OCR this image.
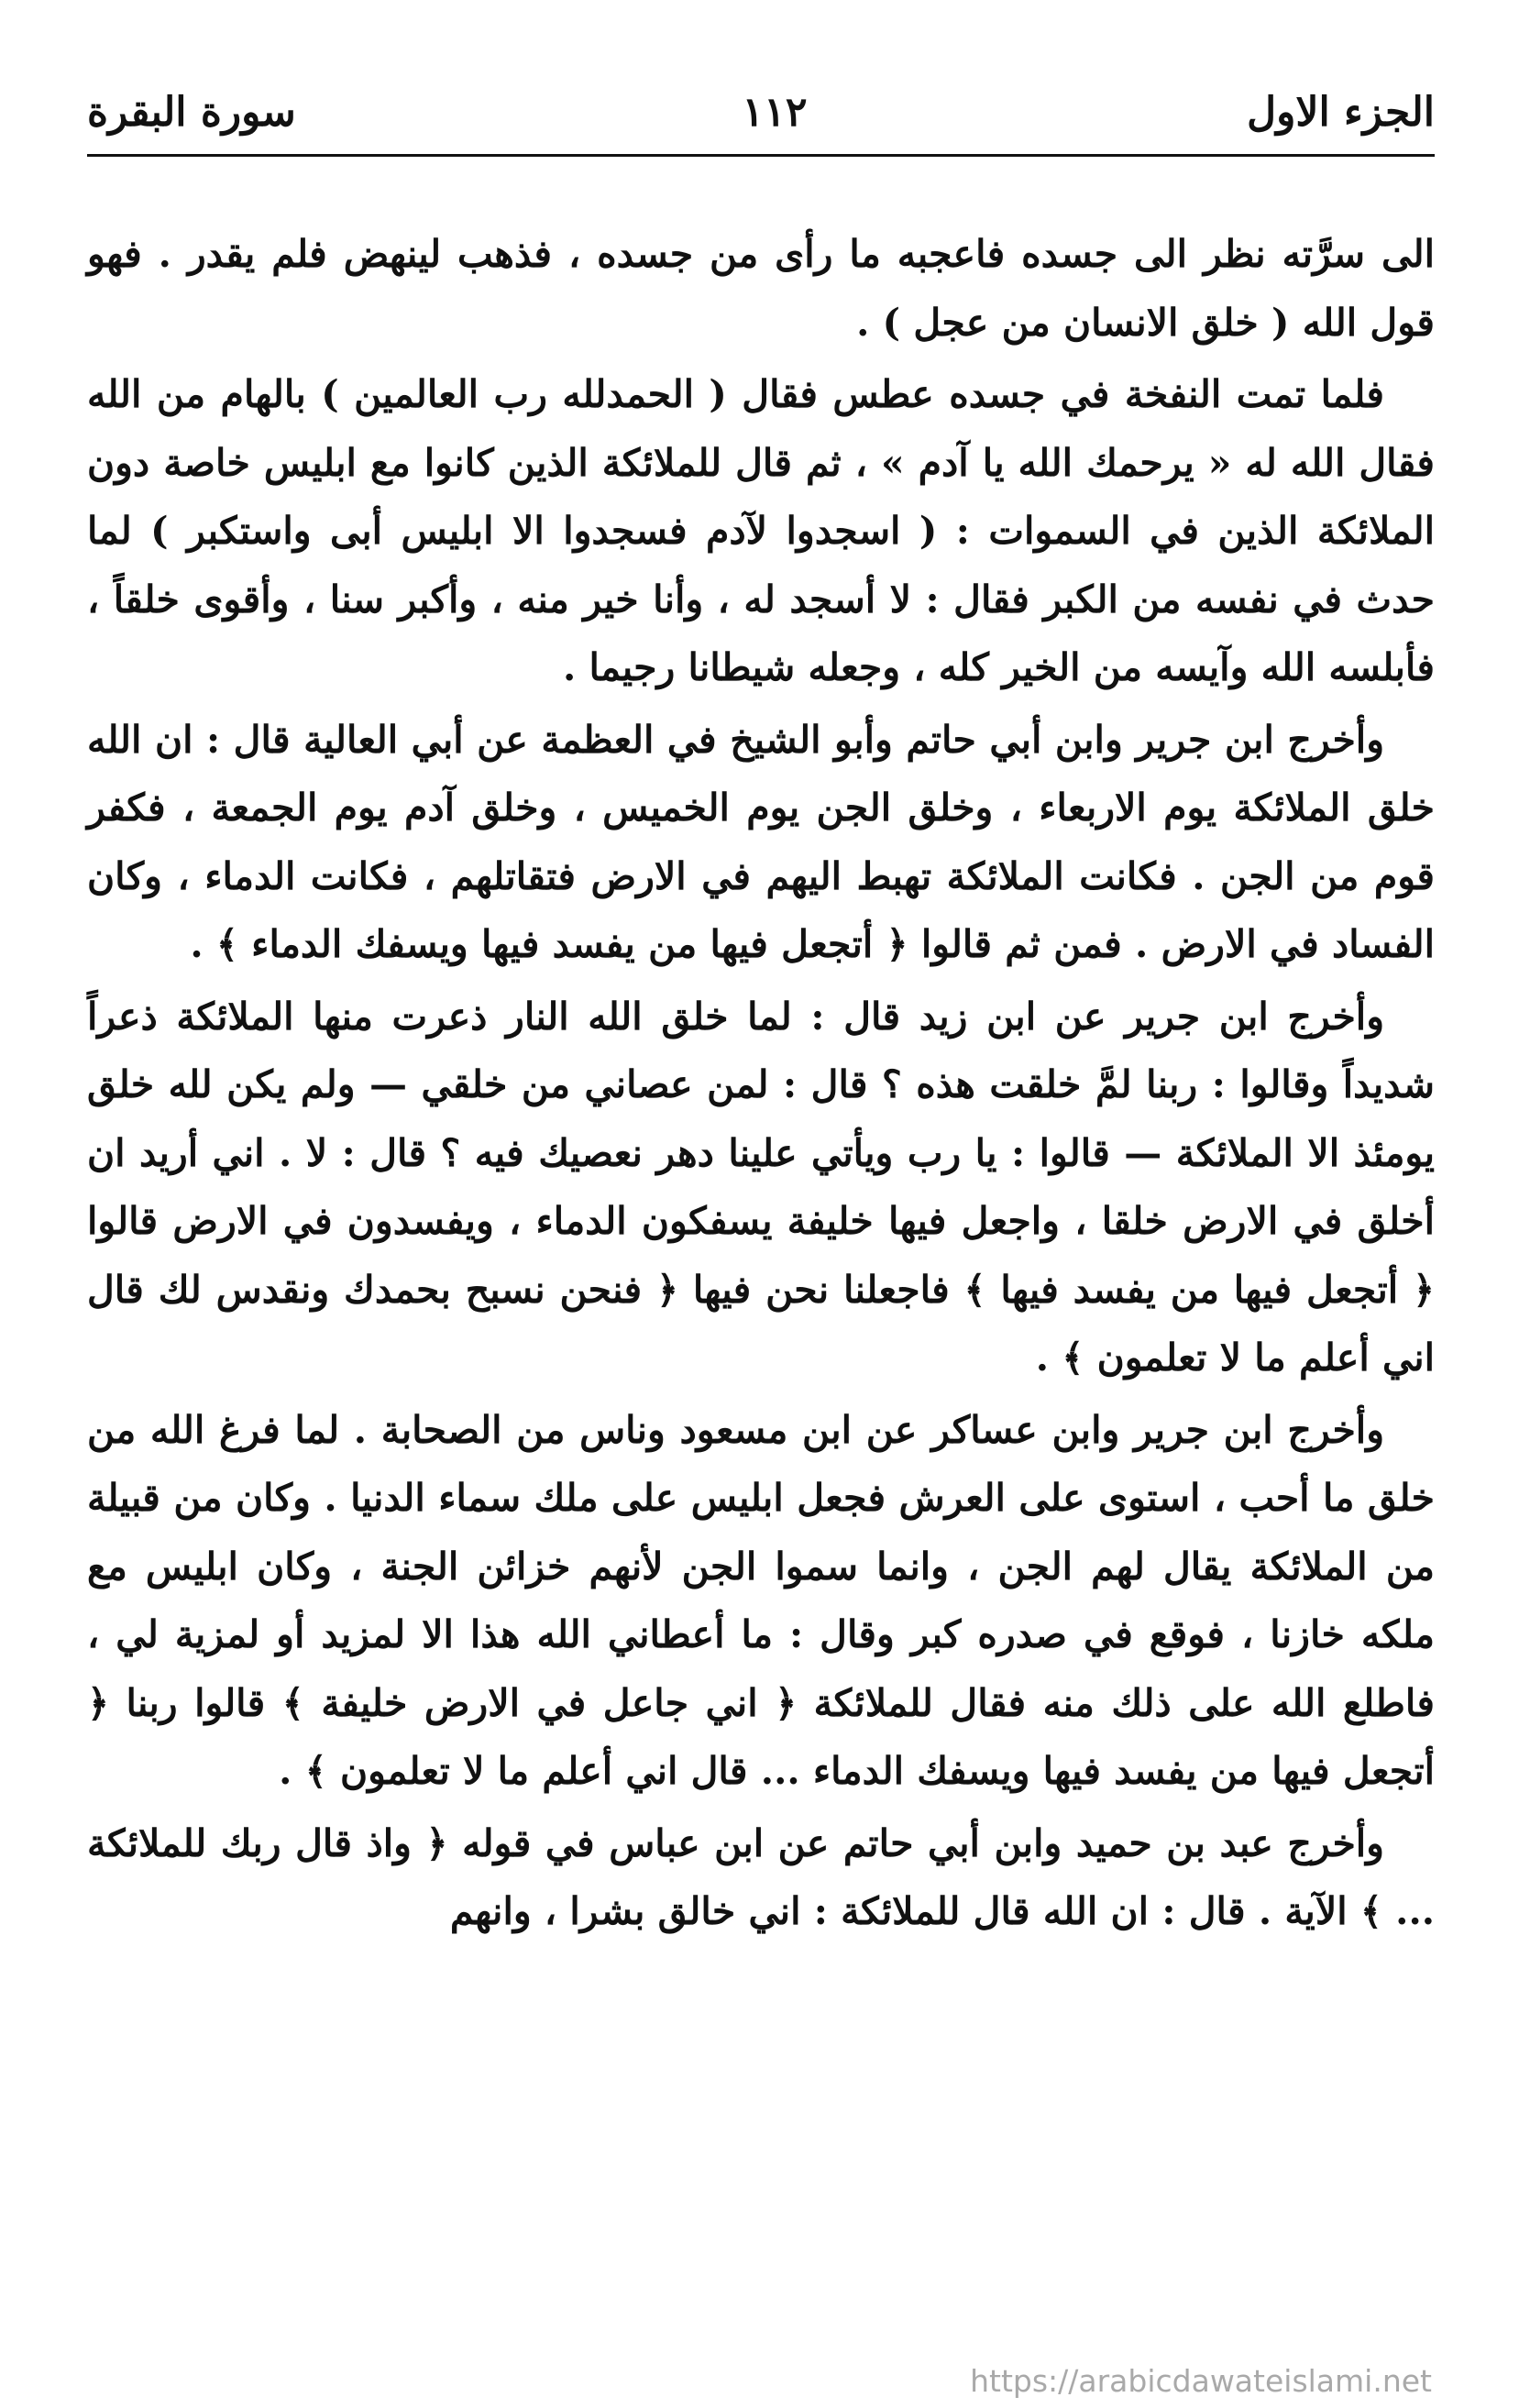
الجزء الاول
١١٢
سورة البقرة

الى سرَّته نظر الى جسده فاعجبه ما رأى من جسده ، فذهب لينهض فلم يقدر . فهو قول الله ( خلق الانسان من عجل ) .

فلما تمت النفخة في جسده عطس فقال ( الحمدلله رب العالمين ) بالهام من الله فقال الله له « يرحمك الله يا آدم » ، ثم قال للملائكة الذين كانوا مع ابليس خاصة دون الملائكة الذين في السموات : ( اسجدوا لآدم فسجدوا الا ابليس أبى واستكبر ) لما حدث في نفسه من الكبر فقال : لا أسجد له ، وأنا خير منه ، وأكبر سنا ، وأقوى خلقاً ، فأبلسه الله وآيسه من الخير كله ، وجعله شيطانا رجيما .

وأخرج ابن جرير وابن أبي حاتم وأبو الشيخ في العظمة عن أبي العالية قال : ان الله خلق الملائكة يوم الاربعاء ، وخلق الجن يوم الخميس ، وخلق آدم يوم الجمعة ، فكفر قوم من الجن . فكانت الملائكة تهبط اليهم في الارض فتقاتلهم ، فكانت الدماء ، وكان الفساد في الارض . فمن ثم قالوا ﴿ أتجعل فيها من يفسد فيها ويسفك الدماء ﴾ .

وأخرج ابن جرير عن ابن زيد قال : لما خلق الله النار ذعرت منها الملائكة ذعراً شديداً وقالوا : ربنا لمَّ خلقت هذه ؟ قال : لمن عصاني من خلقي — ولم يكن لله خلق يومئذ الا الملائكة — قالوا : يا رب ويأتي علينا دهر نعصيك فيه ؟ قال : لا . اني أريد ان أخلق في الارض خلقا ، واجعل فيها خليفة يسفكون الدماء ، ويفسدون في الارض قالوا ﴿ أتجعل فيها من يفسد فيها ﴾ فاجعلنا نحن فيها ﴿ فنحن نسبح بحمدك ونقدس لك قال اني أعلم ما لا تعلمون ﴾ .

وأخرج ابن جرير وابن عساكر عن ابن مسعود وناس من الصحابة . لما فرغ الله من خلق ما أحب ، استوى على العرش فجعل ابليس على ملك سماء الدنيا . وكان من قبيلة من الملائكة يقال لهم الجن ، وانما سموا الجن لأنهم خزائن الجنة ، وكان ابليس مع ملكه خازنا ، فوقع في صدره كبر وقال : ما أعطاني الله هذا الا لمزيد أو لمزية لي ، فاطلع الله على ذلك منه فقال للملائكة ﴿ اني جاعل في الارض خليفة ﴾ قالوا ربنا ﴿ أتجعل فيها من يفسد فيها ويسفك الدماء ... قال اني أعلم ما لا تعلمون ﴾ .

وأخرج عبد بن حميد وابن أبي حاتم عن ابن عباس في قوله ﴿ واذ قال ربك للملائكة ... ﴾ الآية . قال : ان الله قال للملائكة : اني خالق بشرا ، وانهم

https://arabicdawateislami.net
